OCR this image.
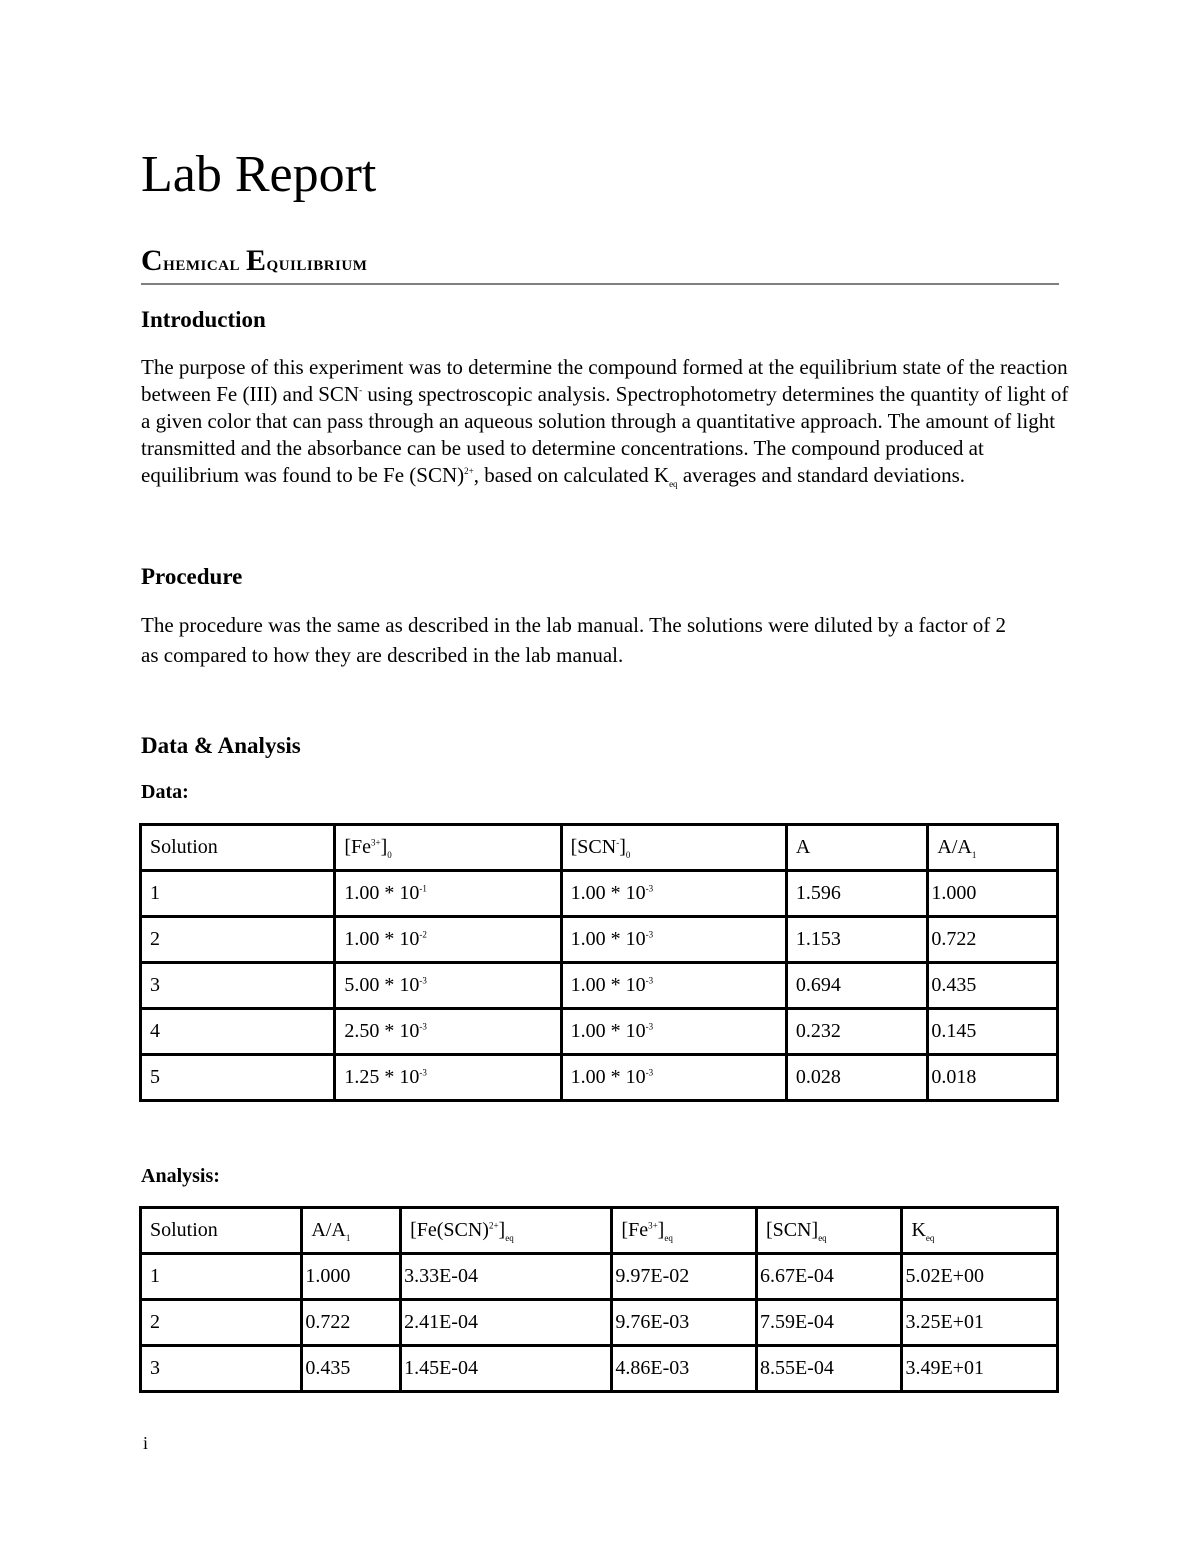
Lab Report
Chemical Equilibrium
Introduction

The purpose of this experiment was to determine the compound formed at the equilibrium state of the reaction between Fe (III) and SCN- using spectroscopic analysis. Spectrophotometry determines the quantity of light of a given color that can pass through an aqueous solution through a quantitative approach. The amount of light transmitted and the absorbance can be used to determine concentrations. The compound produced at equilibrium was found to be Fe (SCN)$^{2+}$, based on calculated $K_{eq}$ averages and standard deviations.

Procedure

The procedure was the same as described in the lab manual. The solutions were diluted by a factor of 2 as compared to how they are described in the lab manual.

Data & Analysis

Data:

Solution	$[Fe^{3+}]_0$	$[SCN^-]_0$	A	$A/A_1$
1	$1.00 * 10^{-1}$	$1.00 * 10^{-3}$	1.596	1.000
2	$1.00 * 10^{-2}$	$1.00 * 10^{-3}$	1.153	0.722
3	$5.00 * 10^{-3}$	$1.00 * 10^{-3}$	0.694	0.435
4	$2.50 * 10^{-3}$	$1.00 * 10^{-3}$	0.232	0.145
5	$1.25 * 10^{-3}$	$1.00 * 10^{-3}$	0.028	0.018

Analysis:

Solution	$A/A_1$	$[Fe(SCN)^{2+}]_{eq}$	$[Fe^{3+}]_{eq}$	$[SCN]_{eq}$	$K_{eq}$
1	1.000	3.33E-04	9.97E-02	6.67E-04	5.02E+00
2	0.722	2.41E-04	9.76E-03	7.59E-04	3.25E+01
3	0.435	1.45E-04	4.86E-03	8.55E-04	3.49E+01

i
